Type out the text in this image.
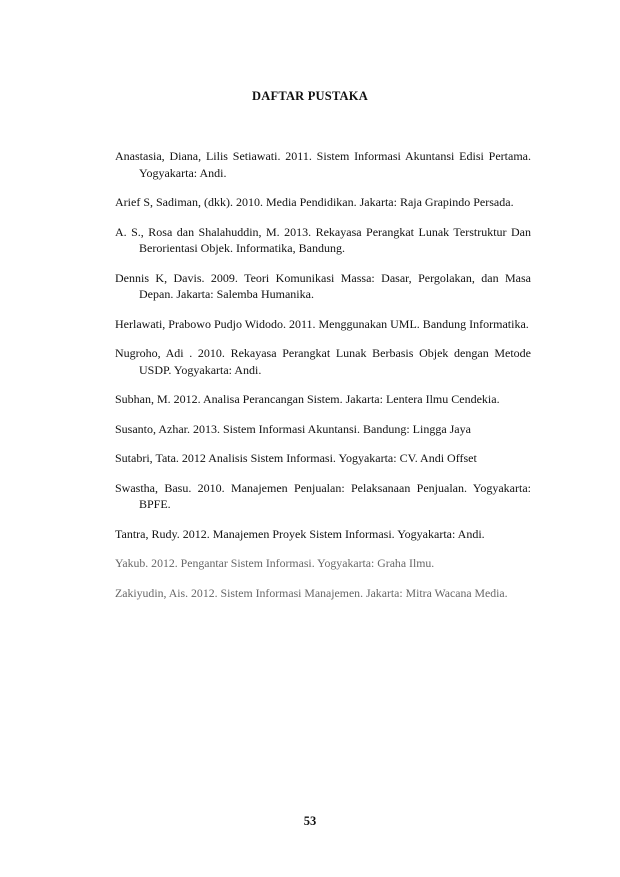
DAFTAR PUSTAKA

Anastasia, Diana, Lilis Setiawati. 2011. Sistem Informasi Akuntansi Edisi Pertama. Yogyakarta: Andi.

Arief S, Sadiman, (dkk). 2010. Media Pendidikan. Jakarta: Raja Grapindo Persada.

A. S., Rosa dan Shalahuddin, M. 2013. Rekayasa Perangkat Lunak Terstruktur Dan Berorientasi Objek. Informatika, Bandung.

Dennis K, Davis. 2009. Teori Komunikasi Massa: Dasar, Pergolakan, dan Masa Depan. Jakarta: Salemba Humanika.

Herlawati, Prabowo Pudjo Widodo. 2011. Menggunakan UML. Bandung Informatika.

Nugroho, Adi . 2010. Rekayasa Perangkat Lunak Berbasis Objek dengan Metode USDP. Yogyakarta: Andi.

Subhan, M. 2012. Analisa Perancangan Sistem. Jakarta: Lentera Ilmu Cendekia.

Susanto, Azhar. 2013. Sistem Informasi Akuntansi. Bandung: Lingga Jaya

Sutabri, Tata. 2012 Analisis Sistem Informasi. Yogyakarta: CV. Andi Offset

Swastha, Basu. 2010. Manajemen Penjualan: Pelaksanaan Penjualan. Yogyakarta: BPFE.

Tantra, Rudy. 2012. Manajemen Proyek Sistem Informasi. Yogyakarta: Andi.

Yakub. 2012. Pengantar Sistem Informasi. Yogyakarta: Graha Ilmu.

Zakiyudin, Ais. 2012. Sistem Informasi Manajemen. Jakarta: Mitra Wacana Media.

53
